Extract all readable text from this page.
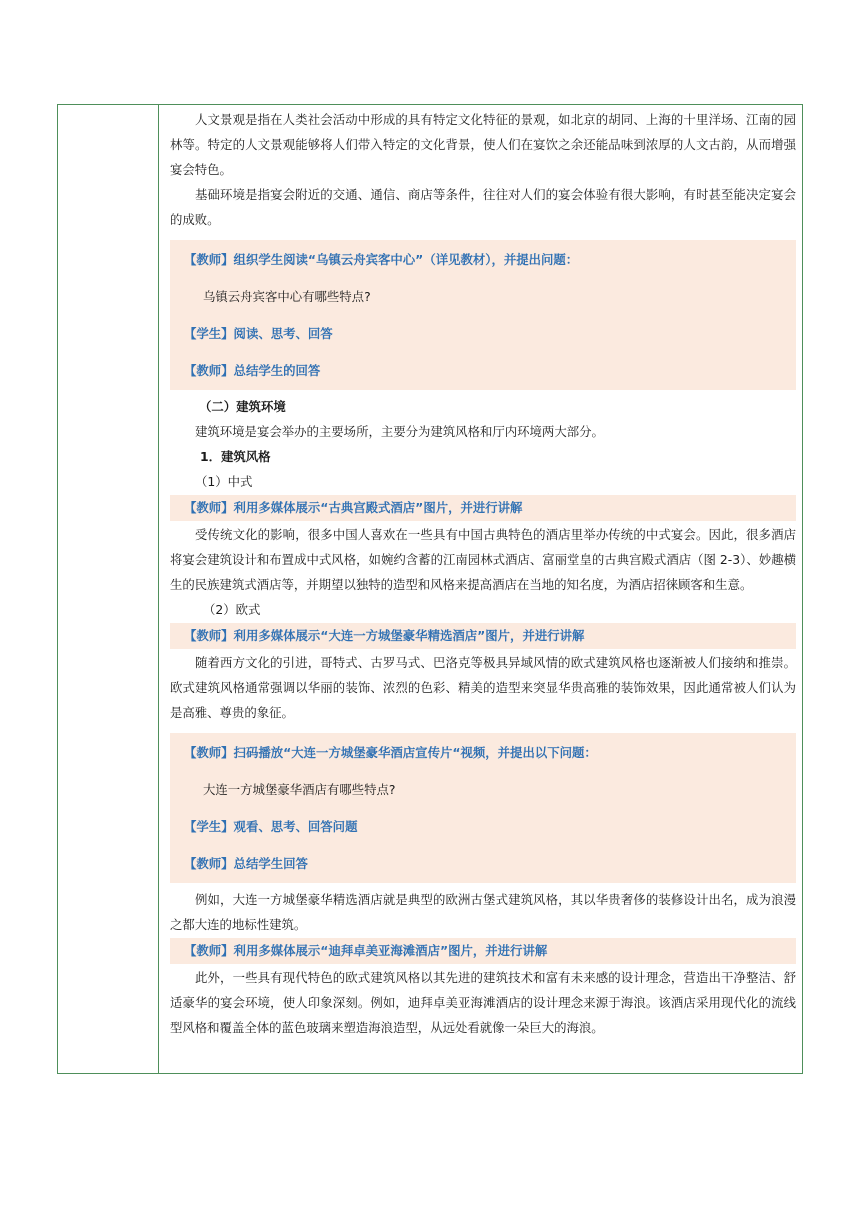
人文景观是指在人类社会活动中形成的具有特定文化特征的景观，如北京的胡同、上海的十里洋场、江南的园林等。特定的人文景观能够将人们带入特定的文化背景，使人们在宴饮之余还能品味到浓厚的人文古韵，从而增强宴会特色。

基础环境是指宴会附近的交通、通信、商店等条件，往往对人们的宴会体验有很大影响，有时甚至能决定宴会的成败。

【教师】组织学生阅读“乌镇云舟宾客中心”（详见教材），并提出问题：

乌镇云舟宾客中心有哪些特点?

【学生】阅读、思考、回答

【教师】总结学生的回答

（二）建筑环境

建筑环境是宴会举办的主要场所，主要分为建筑风格和厅内环境两大部分。

1．建筑风格

（1）中式

【教师】利用多媒体展示“古典宫殿式酒店”图片，并进行讲解

受传统文化的影响，很多中国人喜欢在一些具有中国古典特色的酒店里举办传统的中式宴会。因此，很多酒店将宴会建筑设计和布置成中式风格，如婉约含蓄的江南园林式酒店、富丽堂皇的古典宫殿式酒店（图 2-3）、妙趣横生的民族建筑式酒店等，并期望以独特的造型和风格来提高酒店在当地的知名度，为酒店招徕顾客和生意。

（2）欧式

【教师】利用多媒体展示“大连一方城堡豪华精选酒店”图片，并进行讲解

随着西方文化的引进，哥特式、古罗马式、巴洛克等极具异域风情的欧式建筑风格也逐渐被人们接纳和推崇。欧式建筑风格通常强调以华丽的装饰、浓烈的色彩、精美的造型来突显华贵高雅的装饰效果，因此通常被人们认为是高雅、尊贵的象征。

【教师】扫码播放“大连一方城堡豪华酒店宣传片“视频，并提出以下问题：

大连一方城堡豪华酒店有哪些特点?

【学生】观看、思考、回答问题

【教师】总结学生回答

例如，大连一方城堡豪华精选酒店就是典型的欧洲古堡式建筑风格，其以华贵奢侈的装修设计出名，成为浪漫之都大连的地标性建筑。

【教师】利用多媒体展示“迪拜卓美亚海滩酒店”图片，并进行讲解

此外，一些具有现代特色的欧式建筑风格以其先进的建筑技术和富有未来感的设计理念，营造出干净整洁、舒适豪华的宴会环境，使人印象深刻。例如，迪拜卓美亚海滩酒店的设计理念来源于海浪。该酒店采用现代化的流线型风格和覆盖全体的蓝色玻璃来塑造海浪造型，从远处看就像一朵巨大的海浪。
